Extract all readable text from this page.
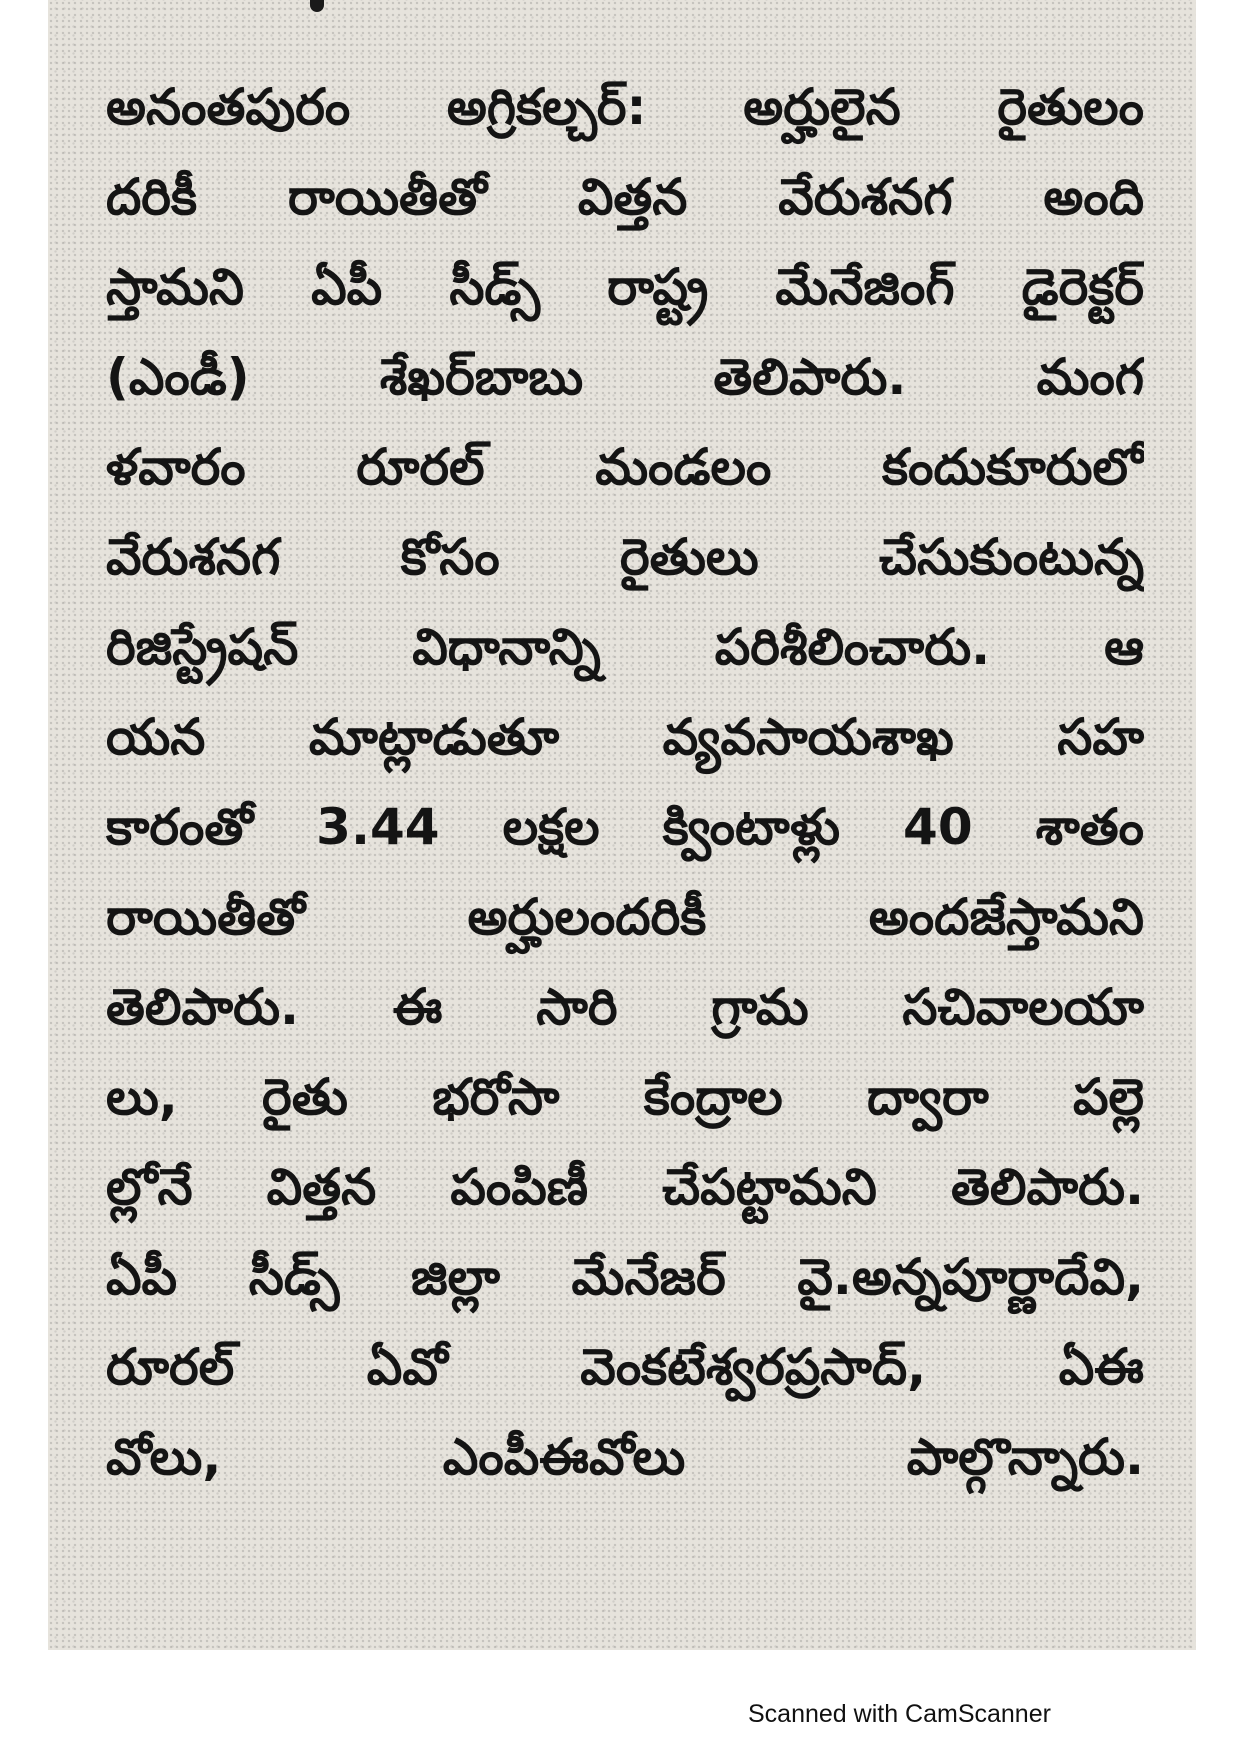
అనంతపురం అగ్రికల్చర్: అర్హులైన రైతులం
దరికీ రాయితీతో విత్తన వేరుశనగ అంది
స్తామని ఏపీ సీడ్స్ రాష్ట్ర మేనేజింగ్ డైరెక్టర్
(ఎండీ) శేఖర్‌బాబు తెలిపారు. మంగ
ళవారం రూరల్ మండలం కందుకూరులో
వేరుశనగ కోసం రైతులు చేసుకుంటున్న
రిజిస్ట్రేషన్ విధానాన్ని పరిశీలించారు. ఆ
యన మాట్లాడుతూ వ్యవసాయశాఖ సహ
కారంతో 3.44 లక్షల క్వింటాళ్లు 40 శాతం
రాయితీతో అర్హులందరికీ అందజేస్తామని
తెలిపారు. ఈ సారి గ్రామ సచివాలయా
లు, రైతు భరోసా కేంద్రాల ద్వారా పల్లె
ల్లోనే విత్తన పంపిణీ చేపట్టామని తెలిపారు.
ఏపీ సీడ్స్ జిల్లా మేనేజర్ వై.అన్నపూర్ణాదేవి,
రూరల్ ఏవో వెంకటేశ్వరప్రసాద్, ఏఈ
వోలు, ఎంపీఈవోలు పాల్గొన్నారు.
Scanned with CamScanner
